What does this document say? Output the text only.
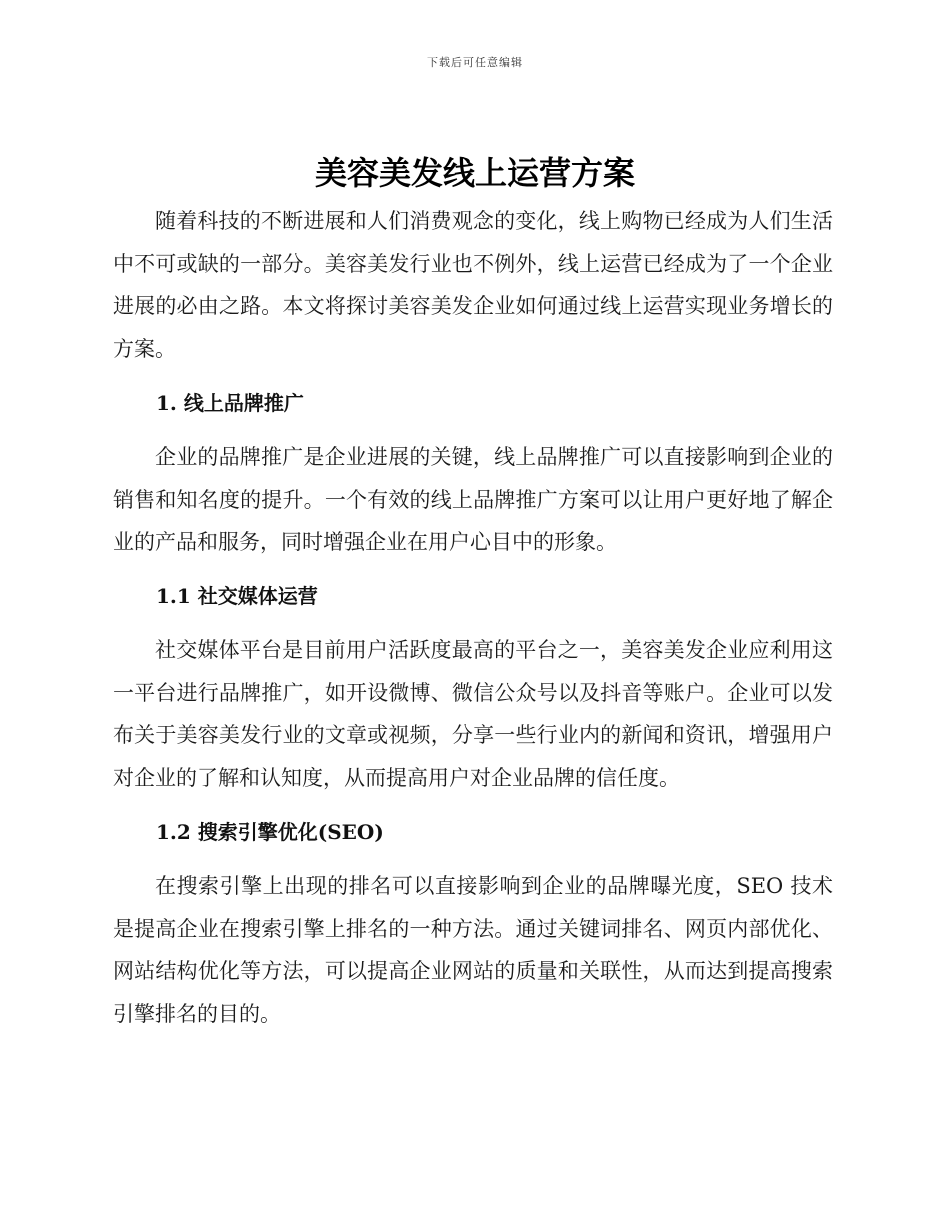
下载后可任意编辑
美容美发线上运营方案

随着科技的不断进展和人们消费观念的变化，线上购物已经成为人们生活中不可或缺的一部分。美容美发行业也不例外，线上运营已经成为了一个企业进展的必由之路。本文将探讨美容美发企业如何通过线上运营实现业务增长的方案。

1. 线上品牌推广

企业的品牌推广是企业进展的关键，线上品牌推广可以直接影响到企业的销售和知名度的提升。一个有效的线上品牌推广方案可以让用户更好地了解企业的产品和服务，同时增强企业在用户心目中的形象。

1.1 社交媒体运营

社交媒体平台是目前用户活跃度最高的平台之一，美容美发企业应利用这一平台进行品牌推广，如开设微博、微信公众号以及抖音等账户。企业可以发布关于美容美发行业的文章或视频，分享一些行业内的新闻和资讯，增强用户对企业的了解和认知度，从而提高用户对企业品牌的信任度。

1.2 搜索引擎优化(SEO)

在搜索引擎上出现的排名可以直接影响到企业的品牌曝光度，SEO 技术是提高企业在搜索引擎上排名的一种方法。通过关键词排名、网页内部优化、网站结构优化等方法，可以提高企业网站的质量和关联性，从而达到提高搜索引擎排名的目的。
